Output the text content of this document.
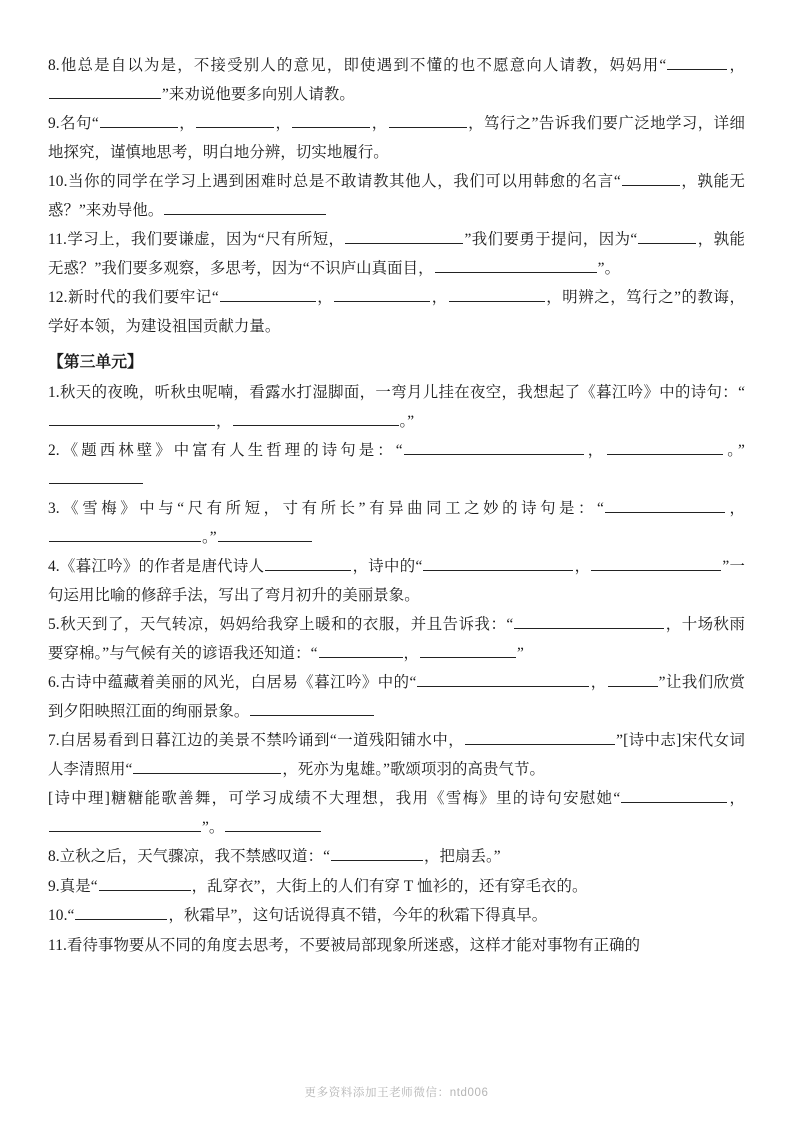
8.他总是自以为是，不接受别人的意见，即使遇到不懂的也不愿意向人请教，妈妈用“	，”来劝说他要多向别人请教。

9.名句“	，	，	，	，笃行之”告诉我们要广泛地学习，详细地探究，谨慎地思考，明白地分辨，切实地履行。

10.当你的同学在学习上遇到困难时总是不敢请教其他人，我们可以用韩愈的名言“	，孰能无惑？”来劝导他。

11.学习上，我们要谦虚，因为“尺有所短，	”我们要勇于提问，因为“	，孰能无惑？”我们要多观察，多思考，因为“不识庐山真面目，	”。

12.新时代的我们要牢记“	，	，	，明辨之，笃行之”的教诲，学好本领，为建设祖国贡献力量。

【第三单元】

1.秋天的夜晚，听秋虫呢喃，看露水打湿脚面，一弯月儿挂在夜空，我想起了《暮江吟》中的诗句：“，	。”

2.《题西林壁》中富有人生哲理的诗句是：“	，	。”

3.《雪梅》中与“尺有所短，寸有所长”有异曲同工之妙的诗句是：“	，。”

4.《暮江吟》的作者是唐代诗人	，诗中的“	，	”一句运用比喻的修辞手法，写出了弯月初升的美丽景象。

5.秋天到了，天气转凉，妈妈给我穿上暖和的衣服，并且告诉我：“	，十场秋雨要穿棉。”与气候有关的谚语我还知道：“	，	”

6.古诗中蕴藏着美丽的风光，白居易《暮江吟》中的“	，	”让我们欣赏到夕阳映照江面的绚丽景象。

7.白居易看到日暮江边的美景不禁吟诵到“一道残阳铺水中，	”[诗中志]宋代女词人李清照用“	，死亦为鬼雄。”歌颂项羽的高贵气节。

[诗中理]糖糖能歌善舞，可学习成绩不大理想，我用《雪梅》里的诗句安慰她“	，”。

8.立秋之后，天气骤凉，我不禁感叹道：“	，把扇丢。”

9.真是“	，乱穿衣”，大街上的人们有穿 T 恤衫的，还有穿毛衣的。

10.“	，秋霜早”，这句话说得真不错，今年的秋霜下得真早。

11.看待事物要从不同的角度去思考，不要被局部现象所迷惑，这样才能对事物有正确的

更多资料添加王老师微信：ntd006
